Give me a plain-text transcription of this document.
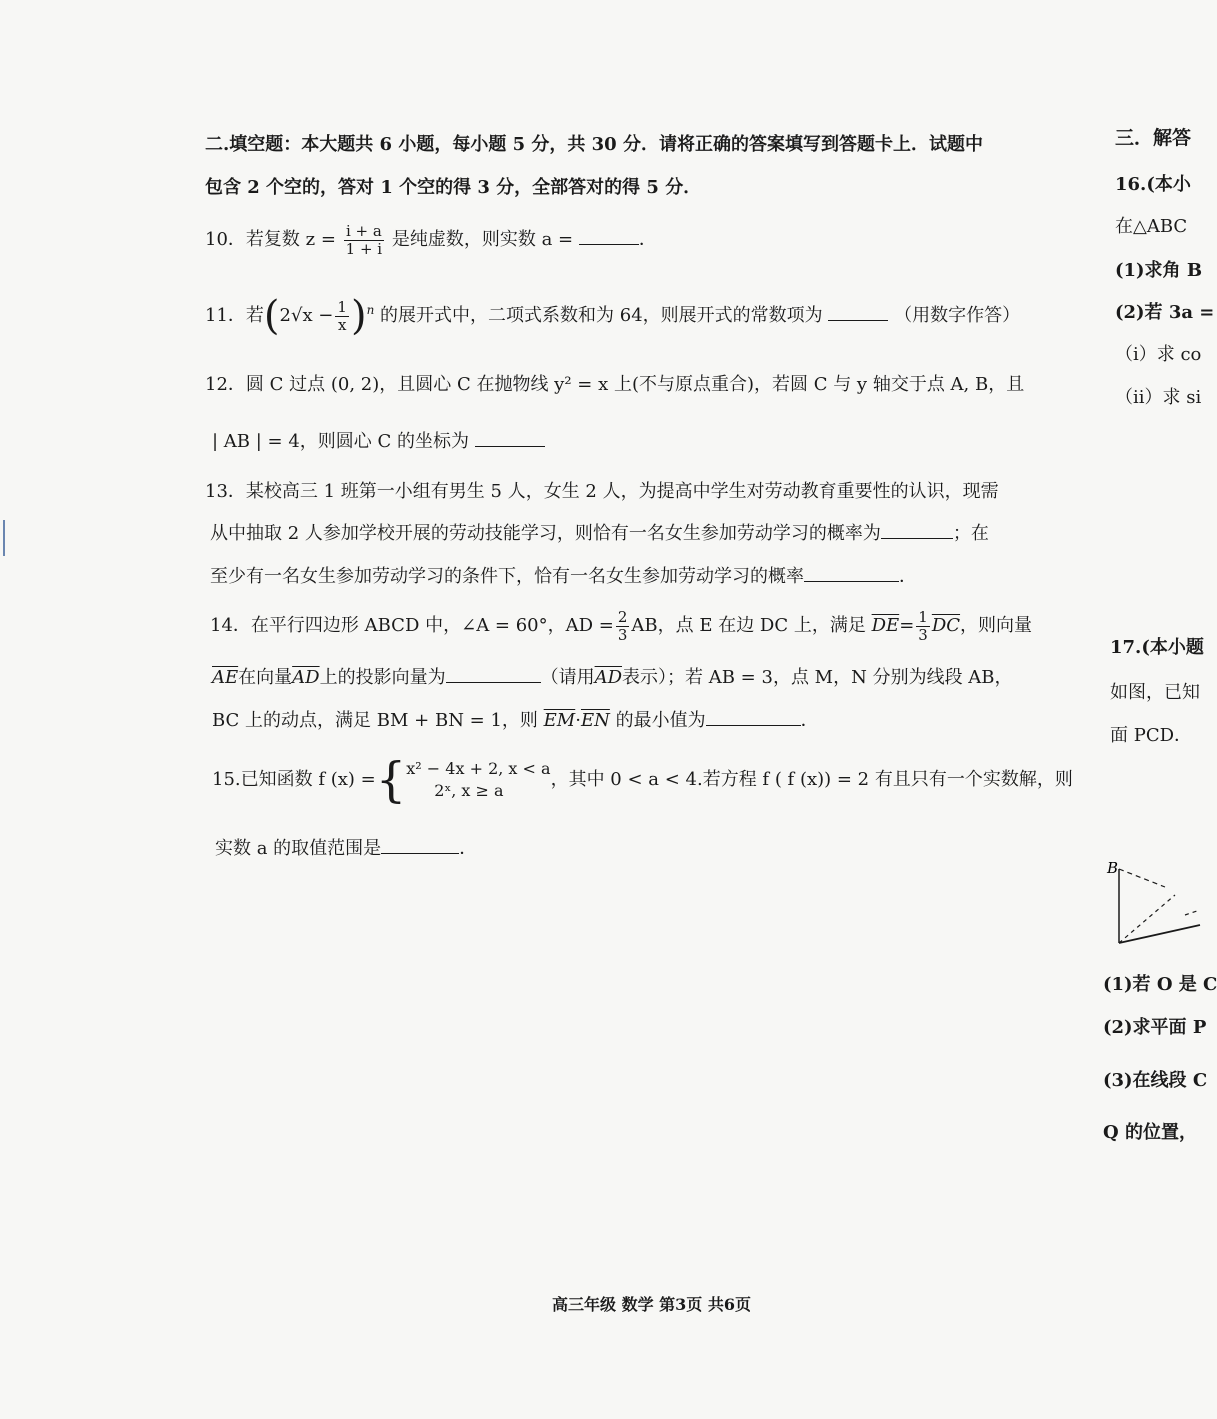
二.填空题：本大题共 6 小题，每小题 5 分，共 30 分．请将正确的答案填写到答题卡上．试题中
包含 2 个空的，答对 1 个空的得 3 分，全部答对的得 5 分．
10．若复数 $z = \frac{i + a}{1 + i}$ 是纯虚数，则实数 a =	．
11．若$(2√x - \frac{1}{x} )^n$ 的展开式中，二项式系数和为 64，则展开式的常数项为	（用数字作答）
12．圆 C 过点 (0, 2)，且圆心 C 在抛物线 y² = x 上(不与原点重合)，若圆 C 与 y 轴交于点 A, B，且
| AB | = 4，则圆心 C 的坐标为
13．某校高三 1 班第一小组有男生 5 人，女生 2 人，为提高中学生对劳动教育重要性的认识，现需
从中抽取 2 人参加学校开展的劳动技能学习，则恰有一名女生参加劳动学习的概率为	；在
至少有一名女生参加劳动学习的条件下，恰有一名女生参加劳动学习的概率	．
14．在平行四边形 ABCD 中，∠A = 60°，AD = $\frac{2}{3}$ AB，点 E 在边 DC 上，满足 $\overline{DE}= \frac{1}{3} \overline{DC}$，则向量
$\overline{AE}$在向量$\overline{AD}$上的投影向量为	（请用$\overline{AD}$表示）；若 AB = 3，点 M，N 分别为线段 AB，
BC 上的动点，满足 BM + BN = 1，则 $\overline{EM}\cdot\overline{EN}$ 的最小值为	．
15.已知函数 f (x) ={ x² − 4x + 2, x < a
2ˣ, x ≥ a
，其中 0 < a < 4.若方程 f ( f (x)) = 2 有且只有一个实数解，则
实数 a 的取值范围是	．
三．解答
16.(本小
在△ABC
(1)求角 B
(2)若 3a =
（i）求 co
（ii）求 si
17.(本小题
如图，已知
面 PCD．
B
(1)若 O 是 C
(2)求平面 P
(3)在线段 C
Q 的位置，
高三年级 数学 第3页 共6页
